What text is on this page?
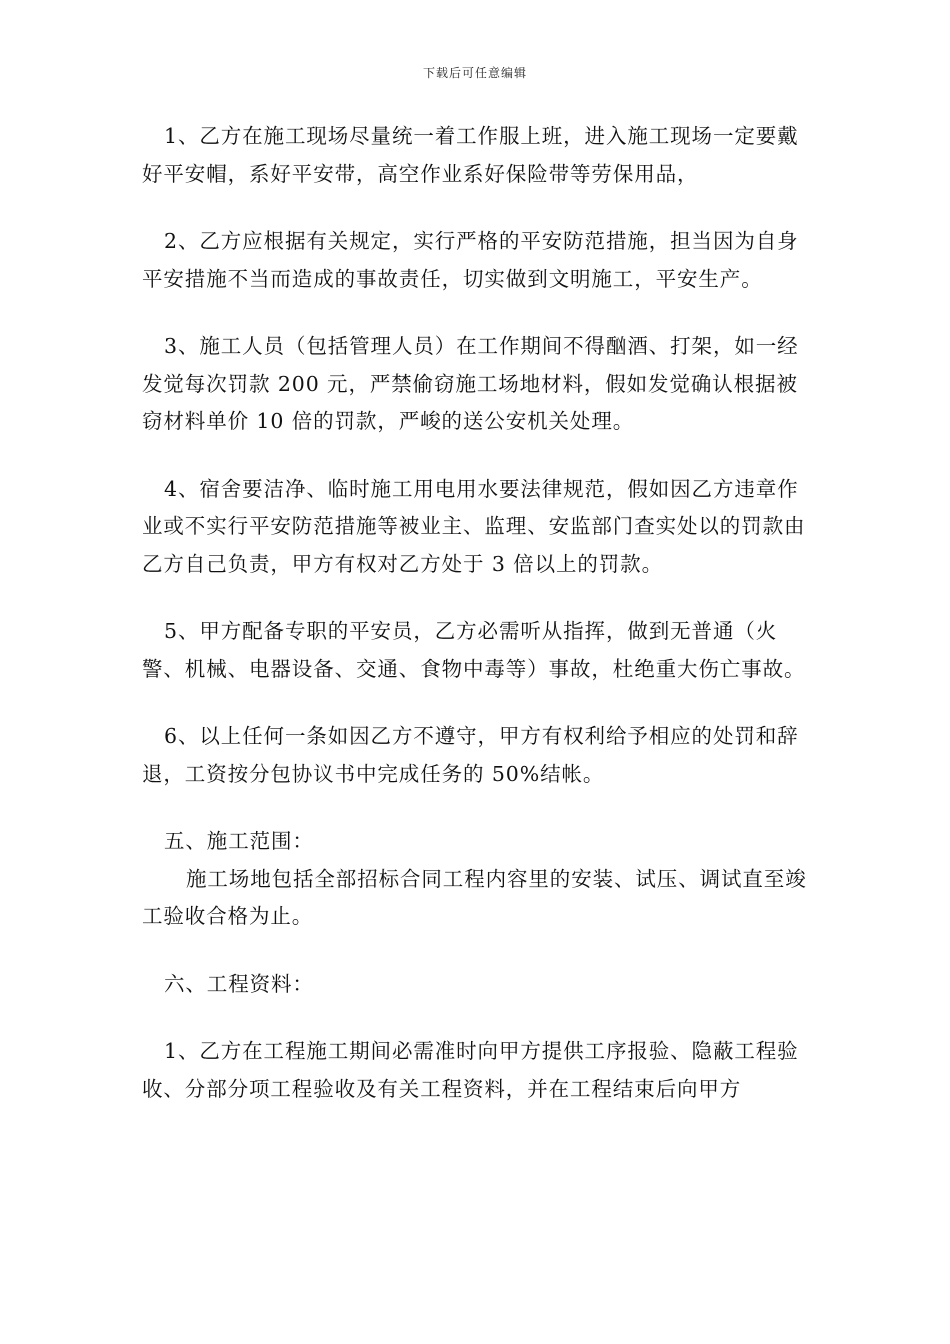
下载后可任意编辑

1、乙方在施工现场尽量统一着工作服上班，进入施工现场一定要戴好平安帽，系好平安带，高空作业系好保险带等劳保用品，

2、乙方应根据有关规定，实行严格的平安防范措施，担当因为自身平安措施不当而造成的事故责任，切实做到文明施工，平安生产。

3、施工人员（包括管理人员）在工作期间不得酗酒、打架，如一经发觉每次罚款 200 元，严禁偷窃施工场地材料，假如发觉确认根据被窃材料单价 10 倍的罚款，严峻的送公安机关处理。

4、宿舍要洁净、临时施工用电用水要法律规范，假如因乙方违章作业或不实行平安防范措施等被业主、监理、安监部门查实处以的罚款由乙方自己负责，甲方有权对乙方处于 3 倍以上的罚款。

5、甲方配备专职的平安员，乙方必需听从指挥，做到无普通（火警、机械、电器设备、交通、食物中毒等）事故，杜绝重大伤亡事故。

6、以上任何一条如因乙方不遵守，甲方有权利给予相应的处罚和辞退，工资按分包协议书中完成任务的 50%结帐。

五、施工范围：

施工场地包括全部招标合同工程内容里的安装、试压、调试直至竣工验收合格为止。

六、工程资料：

1、乙方在工程施工期间必需准时向甲方提供工序报验、隐蔽工程验收、分部分项工程验收及有关工程资料，并在工程结束后向甲方
